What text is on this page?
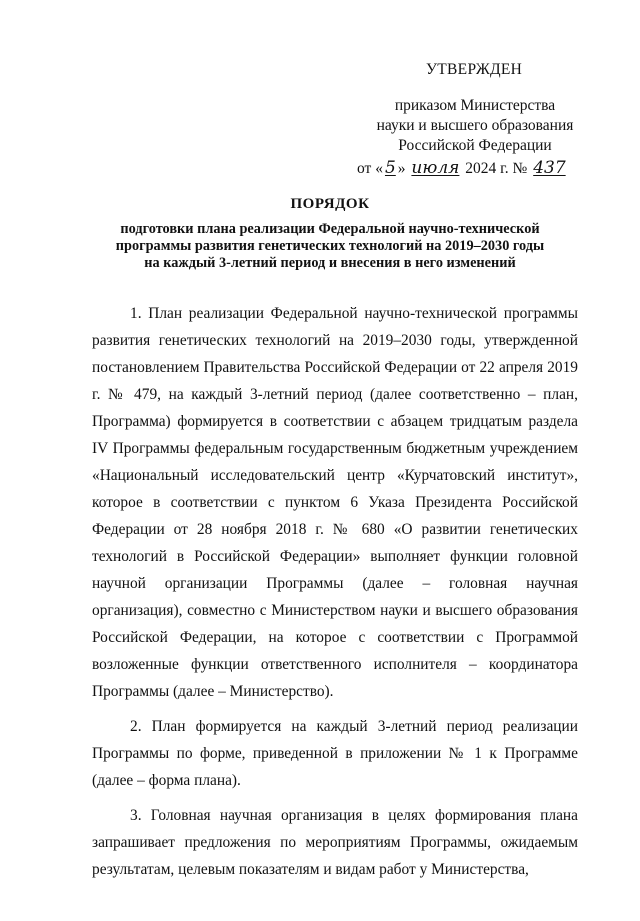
УТВЕРЖДЕН
приказом Министерства
науки и высшего образования
Российской Федерации
от « 5 » июля 2024 г. № 437
ПОРЯДОК
подготовки плана реализации Федеральной научно-технической
программы развития генетических технологий на 2019–2030 годы
на каждый 3-летний период и внесения в него изменений

1. План реализации Федеральной научно-технической программы развития генетических технологий на 2019–2030 годы, утвержденной постановлением Правительства Российской Федерации от 22 апреля 2019 г. № 479, на каждый 3-летний период (далее соответственно – план, Программа) формируется в соответствии с абзацем тридцатым раздела IV Программы федеральным государственным бюджетным учреждением «Национальный исследовательский центр «Курчатовский институт», которое в соответствии с пунктом 6 Указа Президента Российской Федерации от 28 ноября 2018 г. № 680 «О развитии генетических технологий в Российской Федерации» выполняет функции головной научной организации Программы (далее – головная научная организация), совместно с Министерством науки и высшего образования Российской Федерации, на которое с соответствии с Программой возложенные функции ответственного исполнителя – координатора Программы (далее – Министерство).

2. План формируется на каждый 3-летний период реализации Программы по форме, приведенной в приложении № 1 к Программе (далее – форма плана).

3. Головная научная организация в целях формирования плана запрашивает предложения по мероприятиям Программы, ожидаемым результатам, целевым показателям и видам работ у Министерства,
